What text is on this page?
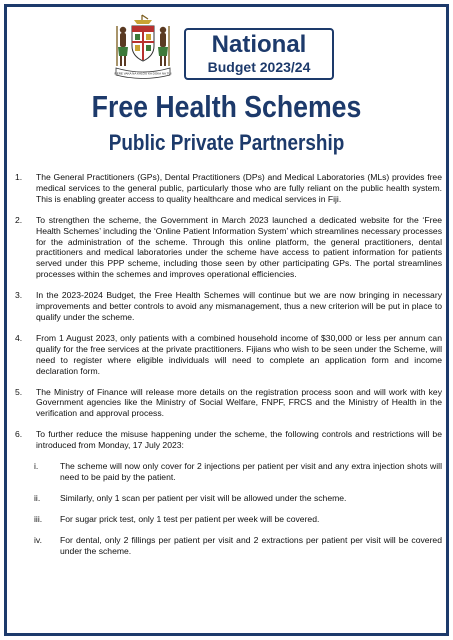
RERE VAKA NA KALOU KA DOKA NA TUI
National
Budget 2023/24
Free Health Schemes
Public Private Partnership
1.	The General Practitioners (GPs), Dental Practitioners (DPs) and Medical Laboratories (MLs) provides free medical services to the general public, particularly those who are fully reliant on the public health system. This is enabling greater access to quality healthcare and medical services in Fiji.
2.	To strengthen the scheme, the Government in March 2023 launched a dedicated website for the ‘Free Health Schemes’ including the ‘Online Patient Information System’ which streamlines necessary processes for the administration of the scheme. Through this online platform, the general practitioners, dental practitioners and medical laboratories under the scheme have access to patient information for patients served under this PPP scheme, including those seen by other participating GPs. The portal streamlines processes within the schemes and improves operational efficiencies.
3.	In the 2023-2024 Budget, the Free Health Schemes will continue but we are now bringing in necessary improvements and better controls to avoid any mismanagement, thus a new criterion will be put in place to qualify under the scheme.
4.	From 1 August 2023, only patients with a combined household income of $30,000 or less per annum can qualify for the free services at the private practitioners. Fijians who wish to be seen under the Scheme, will need to register where eligible individuals will need to complete an application form and income declaration form.
5.	The Ministry of Finance will release more details on the registration process soon and will work with key Government agencies like the Ministry of Social Welfare, FNPF, FRCS and the Ministry of Health in the verification and approval process.
6.	To further reduce the misuse happening under the scheme, the following controls and restrictions will be introduced from Monday, 17 July 2023:
i.	The scheme will now only cover for 2 injections per patient per visit and any extra injection shots will need to be paid by the patient.
ii.	Similarly, only 1 scan per patient per visit will be allowed under the scheme.
iii.	For sugar prick test, only 1 test per patient per week will be covered.
iv.	For dental, only 2 fillings per patient per visit and 2 extractions per patient per visit will be covered under the scheme.
